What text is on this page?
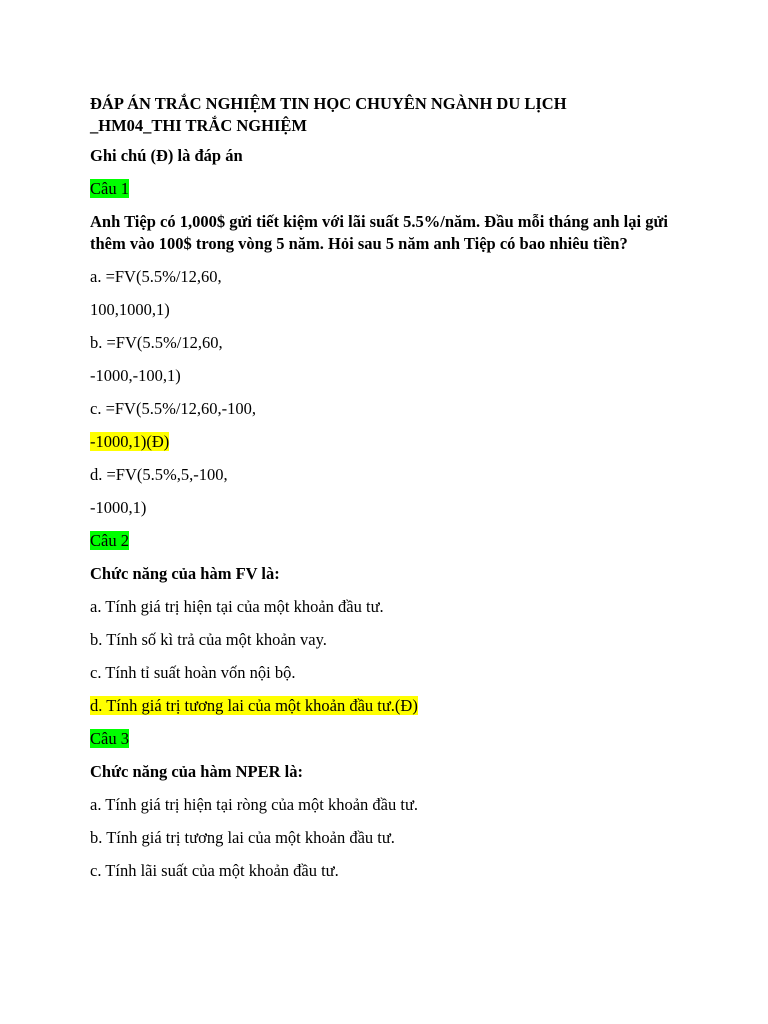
ĐÁP ÁN TRẮC NGHIỆM TIN HỌC CHUYÊN NGÀNH DU LỊCH
_HM04_THI TRẮC NGHIỆM
Ghi chú (Đ) là đáp án
Câu 1
Anh Tiệp có 1,000$ gửi tiết kiệm với lãi suất 5.5%/năm. Đầu mỗi tháng anh lại gửi thêm vào 100$ trong vòng 5 năm. Hỏi sau 5 năm anh Tiệp có bao nhiêu tiền?
a. =FV(5.5%/12,60,
100,1000,1)
b. =FV(5.5%/12,60,
-1000,-100,1)
c. =FV(5.5%/12,60,-100,
-1000,1)(Đ)
d. =FV(5.5%,5,-100,
-1000,1)
Câu 2
Chức năng của hàm FV là:
a. Tính giá trị hiện tại của một khoản đầu tư.
b. Tính số kì trả của một khoản vay.
c. Tính tỉ suất hoàn vốn nội bộ.
d. Tính giá trị tương lai của một khoản đầu tư.(Đ)
Câu 3
Chức năng của hàm NPER là:
a. Tính giá trị hiện tại ròng của một khoản đầu tư.
b. Tính giá trị tương lai của một khoản đầu tư.
c. Tính lãi suất của một khoản đầu tư.
